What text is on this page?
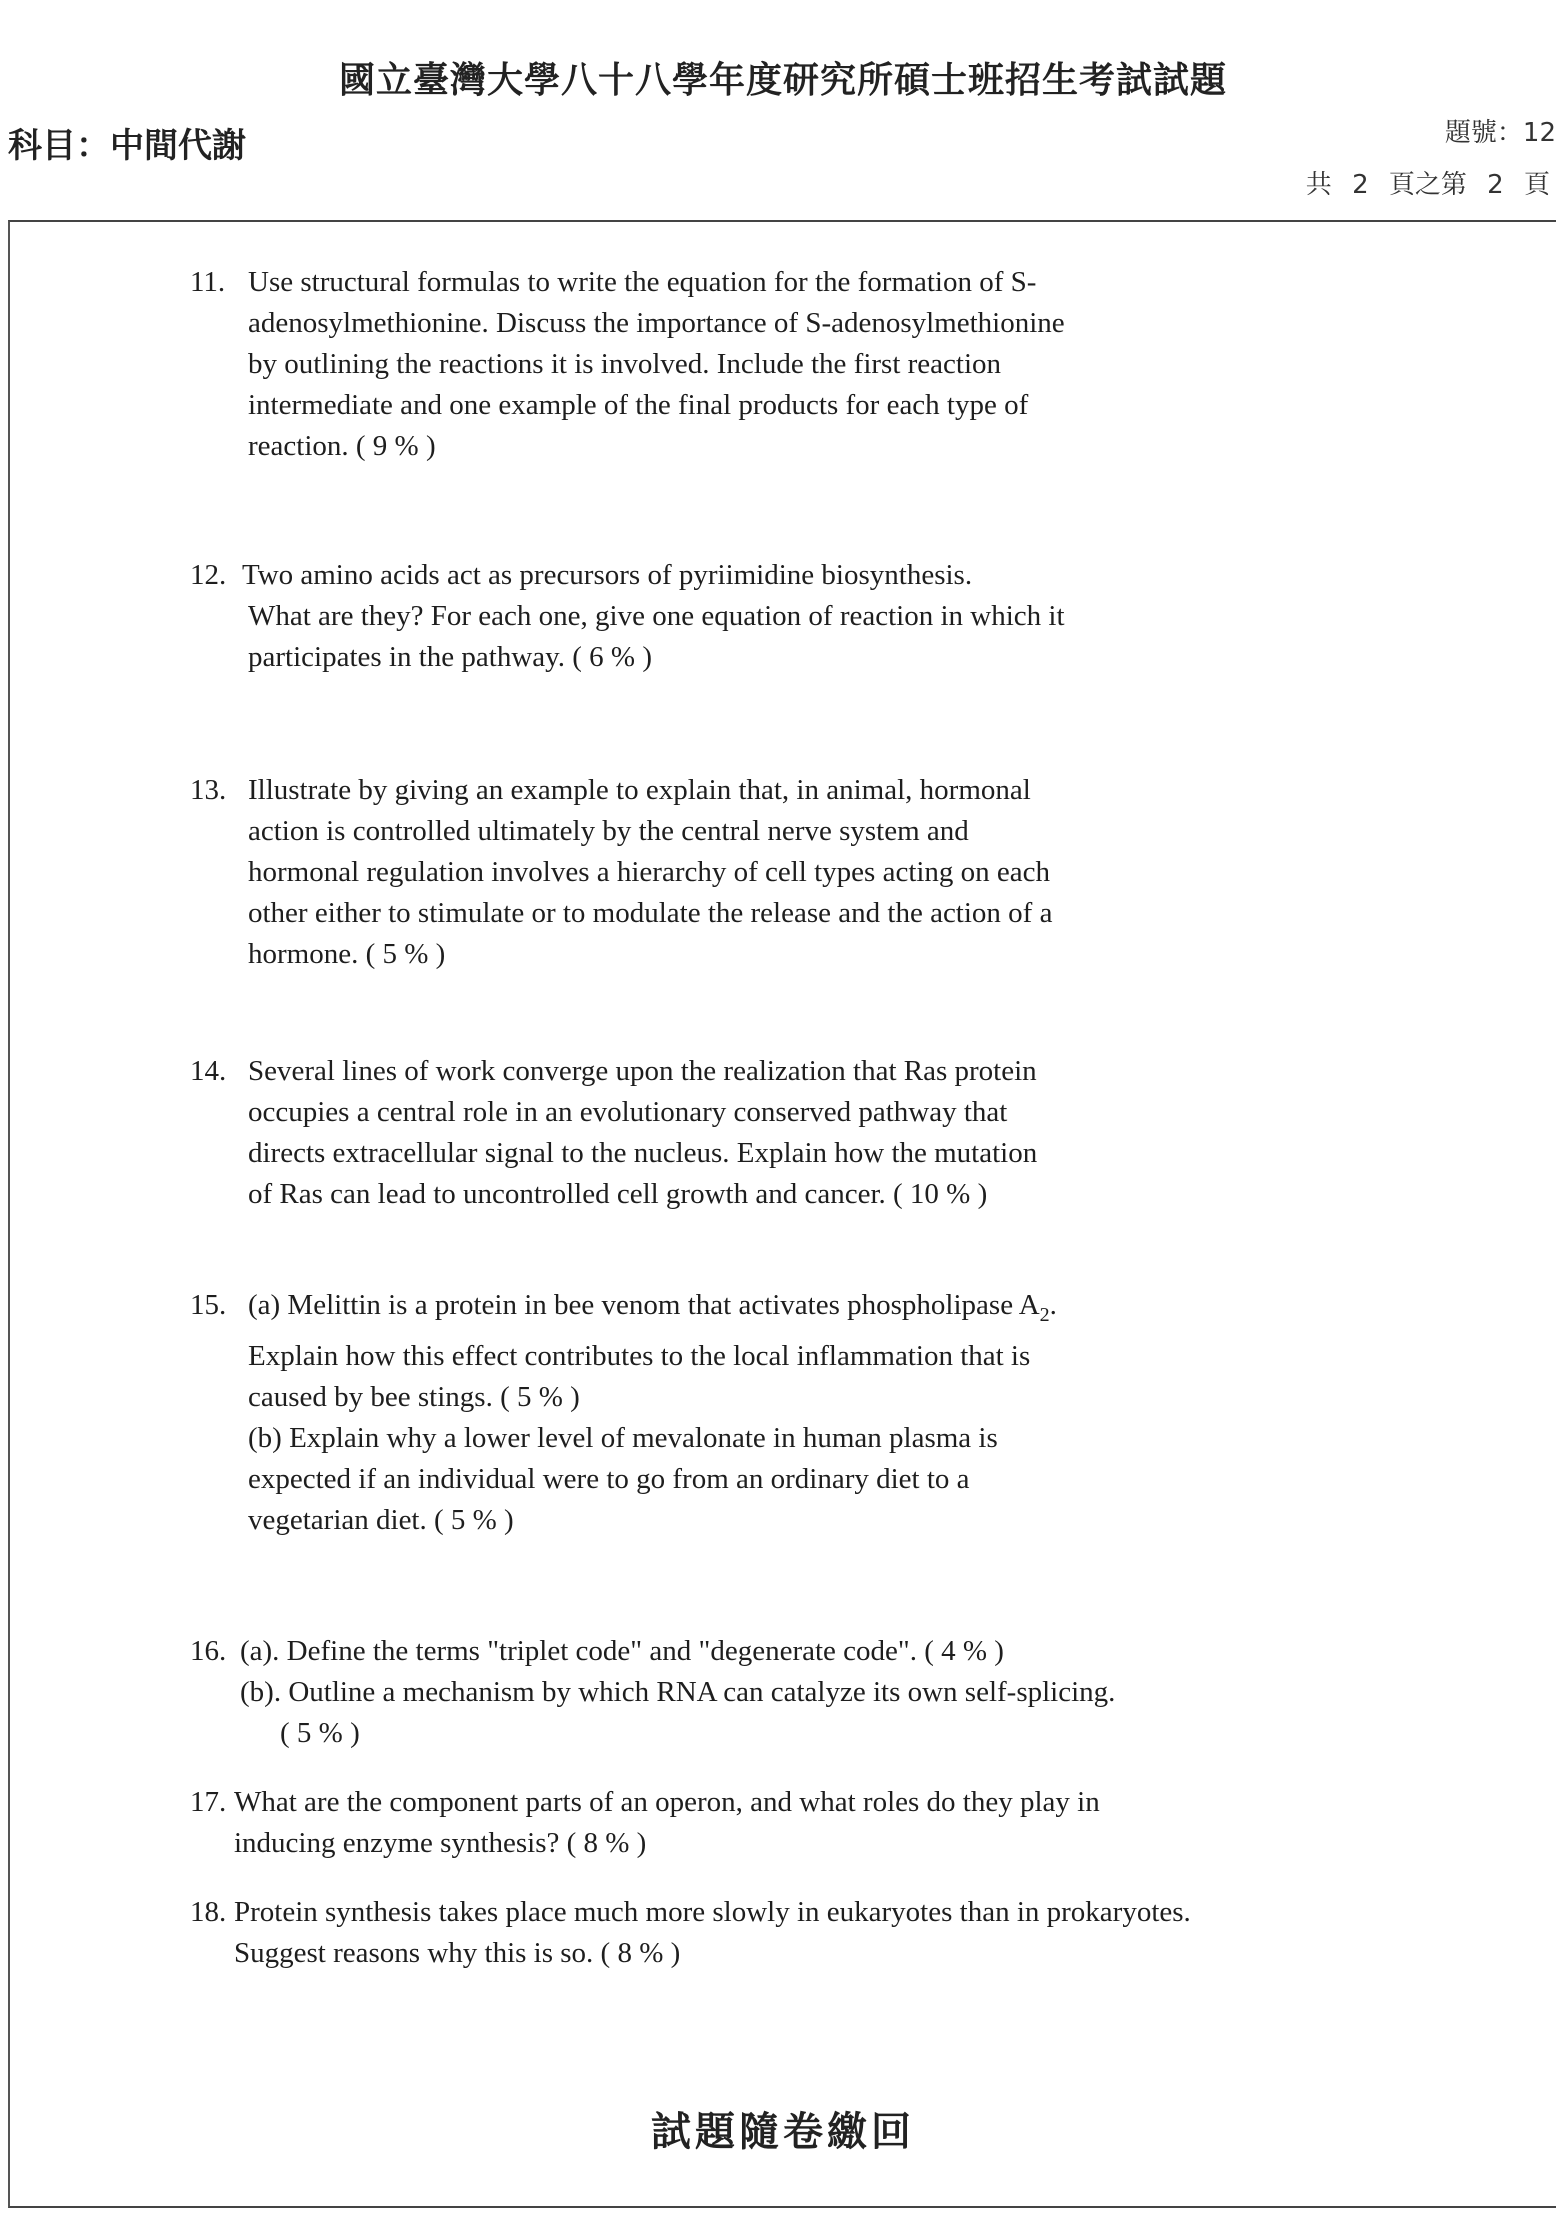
國立臺灣大學八十八學年度研究所碩士班招生考試試題
科目：中間代謝	題號：12
共 2 頁之第 2 頁
11. Use structural formulas to write the equation for the formation of S-
adenosylmethionine. Discuss the importance of S-adenosylmethionine
by outlining the reactions it is involved. Include the first reaction
intermediate and one example of the final products for each type of
reaction. ( 9 % )
12. Two amino acids act as precursors of pyriimidine biosynthesis.
What are they? For each one, give one equation of reaction in which it
participates in the pathway. ( 6 % )
13. Illustrate by giving an example to explain that, in animal, hormonal
action is controlled ultimately by the central nerve system and
hormonal regulation involves a hierarchy of cell types acting on each
other either to stimulate or to modulate the release and the action of a
hormone. ( 5 % )
14. Several lines of work converge upon the realization that Ras protein
occupies a central role in an evolutionary conserved pathway that
directs extracellular signal to the nucleus. Explain how the mutation
of Ras can lead to uncontrolled cell growth and cancer. ( 10 % )
15. (a) Melittin is a protein in bee venom that activates phospholipase $A_2$.
Explain how this effect contributes to the local inflammation that is
caused by bee stings. ( 5 % )
(b) Explain why a lower level of mevalonate in human plasma is
expected if an individual were to go from an ordinary diet to a
vegetarian diet. ( 5 % )
16. (a). Define the terms "triplet code" and "degenerate code". ( 4 % )
(b). Outline a mechanism by which RNA can catalyze its own self-splicing.
( 5 % )
17. What are the component parts of an operon, and what roles do they play in
inducing enzyme synthesis? ( 8 % )
18. Protein synthesis takes place much more slowly in eukaryotes than in prokaryotes.
Suggest reasons why this is so. ( 8 % )
試題隨卷繳回
